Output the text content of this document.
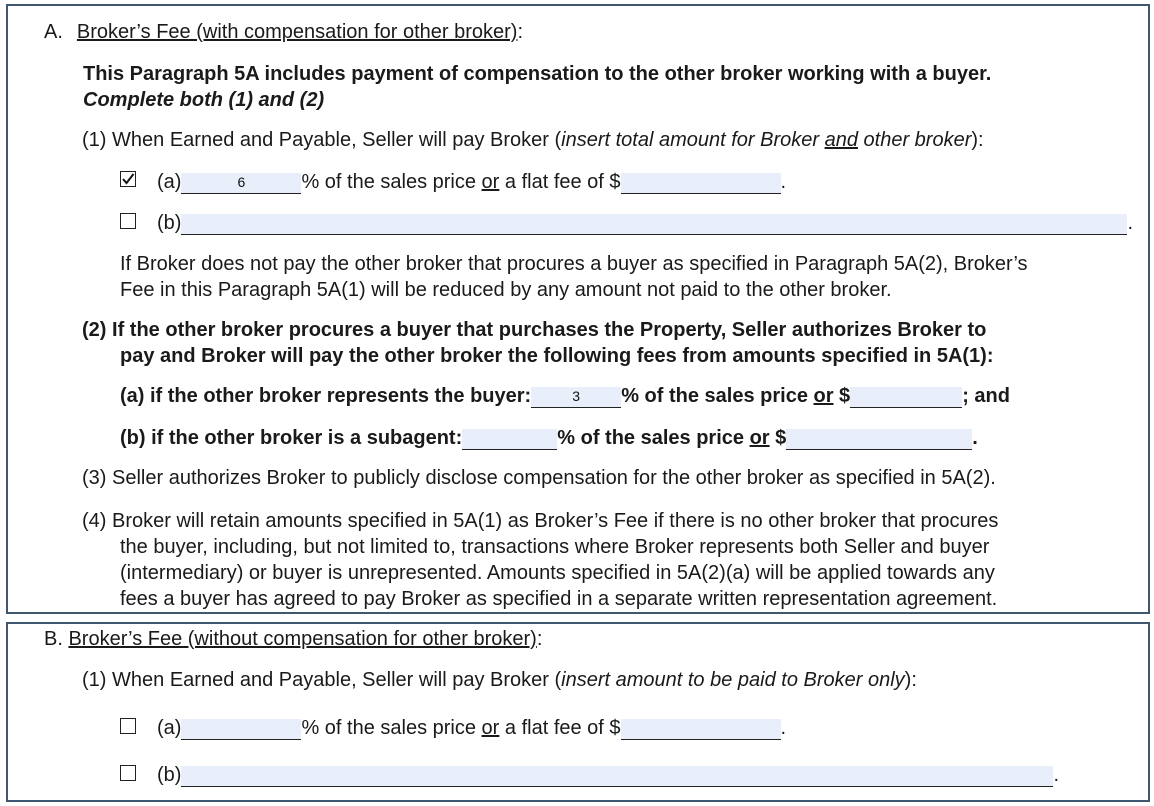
A. Broker’s Fee (with compensation for other broker):
This Paragraph 5A includes payment of compensation to the other broker working with a buyer.
Complete both (1) and (2)
(1) When Earned and Payable, Seller will pay Broker (insert total amount for Broker and other broker):
(a)	6	% of the sales price or a flat fee of $	.
(b)	.
If Broker does not pay the other broker that procures a buyer as specified in Paragraph 5A(2), Broker’s
Fee in this Paragraph 5A(1) will be reduced by any amount not paid to the other broker.
(2) If the other broker procures a buyer that purchases the Property, Seller authorizes Broker to
pay and Broker will pay the other broker the following fees from amounts specified in 5A(1):
(a) if the other broker represents the buyer:	3 % of the sales price or $	; and
(b) if the other broker is a subagent:	% of the sales price or $	.
(3) Seller authorizes Broker to publicly disclose compensation for the other broker as specified in 5A(2).
(4) Broker will retain amounts specified in 5A(1) as Broker’s Fee if there is no other broker that procures
the buyer, including, but not limited to, transactions where Broker represents both Seller and buyer
(intermediary) or buyer is unrepresented. Amounts specified in 5A(2)(a) will be applied towards any
fees a buyer has agreed to pay Broker as specified in a separate written representation agreement.
B. Broker’s Fee (without compensation for other broker):
(1) When Earned and Payable, Seller will pay Broker (insert amount to be paid to Broker only):
(a)	% of the sales price or a flat fee of $	.
(b)	.
